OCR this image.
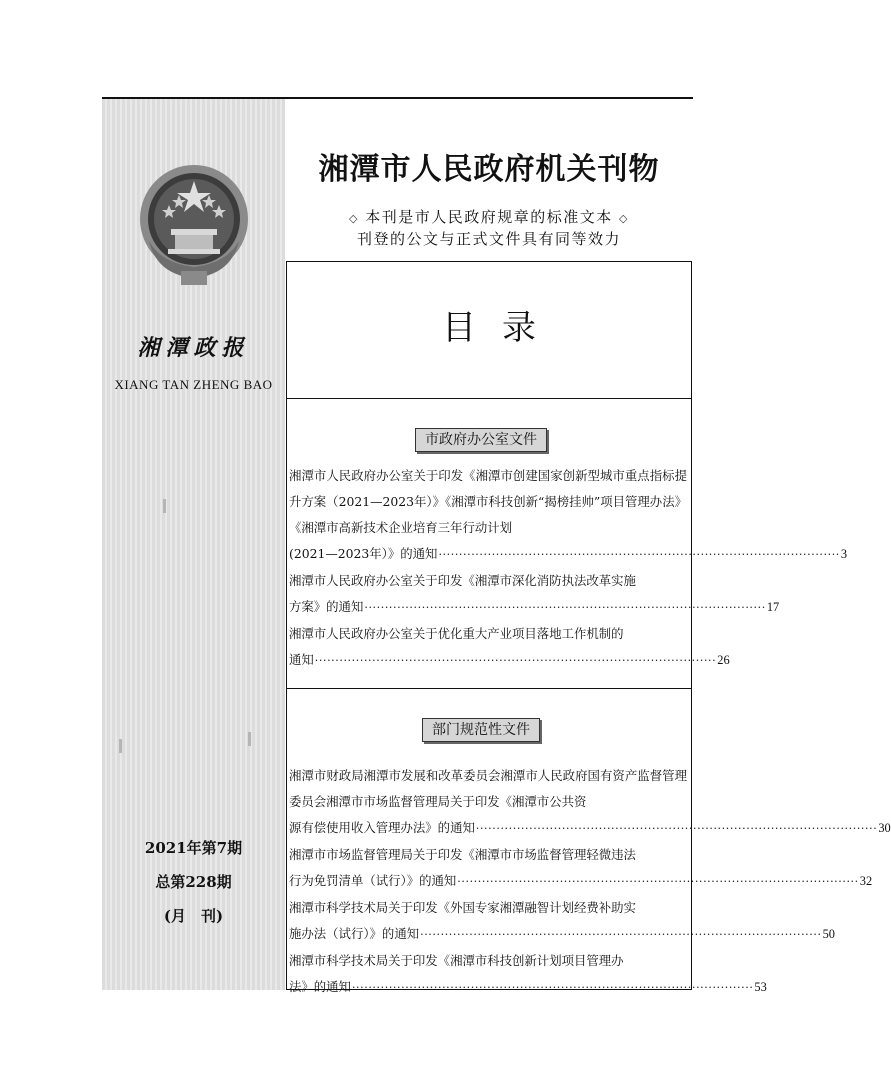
湘潭政报
XIANG TAN ZHENG BAO
2021年第7期
总第228期
(月　刊)
湘潭市人民政府机关刊物
◇ 本刊是市人民政府规章的标准文本 ◇
刊登的公文与正式文件具有同等效力
目录
市政府办公室文件
湘潭市人民政府办公室关于印发《湘潭市创建国家创新型城市重点指标提升方案（2021—2023年）》《湘潭市科技创新“揭榜挂帅”项目管理办法》《湘潭市高新技术企业培育三年行动计划
(2021—2023年）》的通知 ·································································································· 3
湘潭市人民政府办公室关于印发《湘潭市深化消防执法改革实施
方案》的通知 ·································································································· 17
湘潭市人民政府办公室关于优化重大产业项目落地工作机制的
通知 ·································································································· 26
部门规范性文件
湘潭市财政局湘潭市发展和改革委员会湘潭市人民政府国有资产监督管理委员会湘潭市市场监督管理局关于印发《湘潭市公共资
源有偿使用收入管理办法》的通知 ·································································································· 30
湘潭市市场监督管理局关于印发《湘潭市市场监督管理轻微违法
行为免罚清单（试行）》的通知 ·································································································· 32
湘潭市科学技术局关于印发《外国专家湘潭融智计划经费补助实
施办法（试行）》的通知 ·································································································· 50
湘潭市科学技术局关于印发《湘潭市科技创新计划项目管理办
法》的通知 ·································································································· 53
